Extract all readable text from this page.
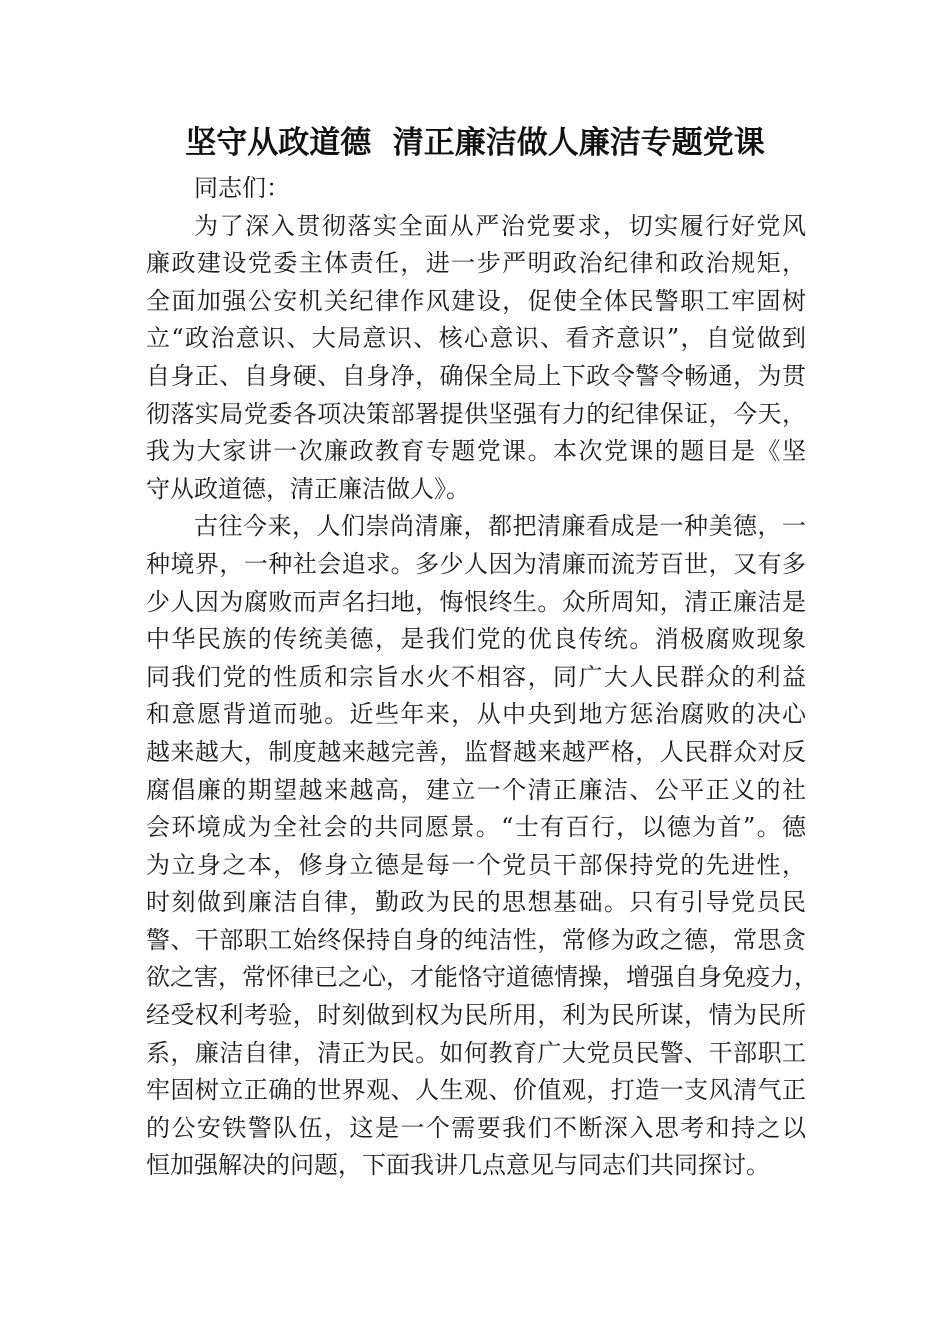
坚守从政道德  清正廉洁做人廉洁专题党课
同志们：
为了深入贯彻落实全面从严治党要求，切实履行好党风
廉政建设党委主体责任，进一步严明政治纪律和政治规矩，
全面加强公安机关纪律作风建设，促使全体民警职工牢固树
立“政治意识、大局意识、核心意识、看齐意识”，自觉做到
自身正、自身硬、自身净，确保全局上下政令警令畅通，为贯
彻落实局党委各项决策部署提供坚强有力的纪律保证，今天，
我为大家讲一次廉政教育专题党课。本次党课的题目是《坚
守从政道德，清正廉洁做人》。
古往今来，人们崇尚清廉，都把清廉看成是一种美德，一
种境界，一种社会追求。多少人因为清廉而流芳百世，又有多
少人因为腐败而声名扫地，悔恨终生。众所周知，清正廉洁是
中华民族的传统美德，是我们党的优良传统。消极腐败现象
同我们党的性质和宗旨水火不相容，同广大人民群众的利益
和意愿背道而驰。近些年来，从中央到地方惩治腐败的决心
越来越大，制度越来越完善，监督越来越严格，人民群众对反
腐倡廉的期望越来越高，建立一个清正廉洁、公平正义的社
会环境成为全社会的共同愿景。“士有百行，以德为首”。德
为立身之本，修身立德是每一个党员干部保持党的先进性，
时刻做到廉洁自律，勤政为民的思想基础。只有引导党员民
警、干部职工始终保持自身的纯洁性，常修为政之德，常思贪
欲之害，常怀律已之心，才能恪守道德情操，增强自身免疫力，
经受权利考验，时刻做到权为民所用，利为民所谋，情为民所
系，廉洁自律，清正为民。如何教育广大党员民警、干部职工
牢固树立正确的世界观、人生观、价值观，打造一支风清气正
的公安铁警队伍，这是一个需要我们不断深入思考和持之以
恒加强解决的问题，下面我讲几点意见与同志们共同探讨。
